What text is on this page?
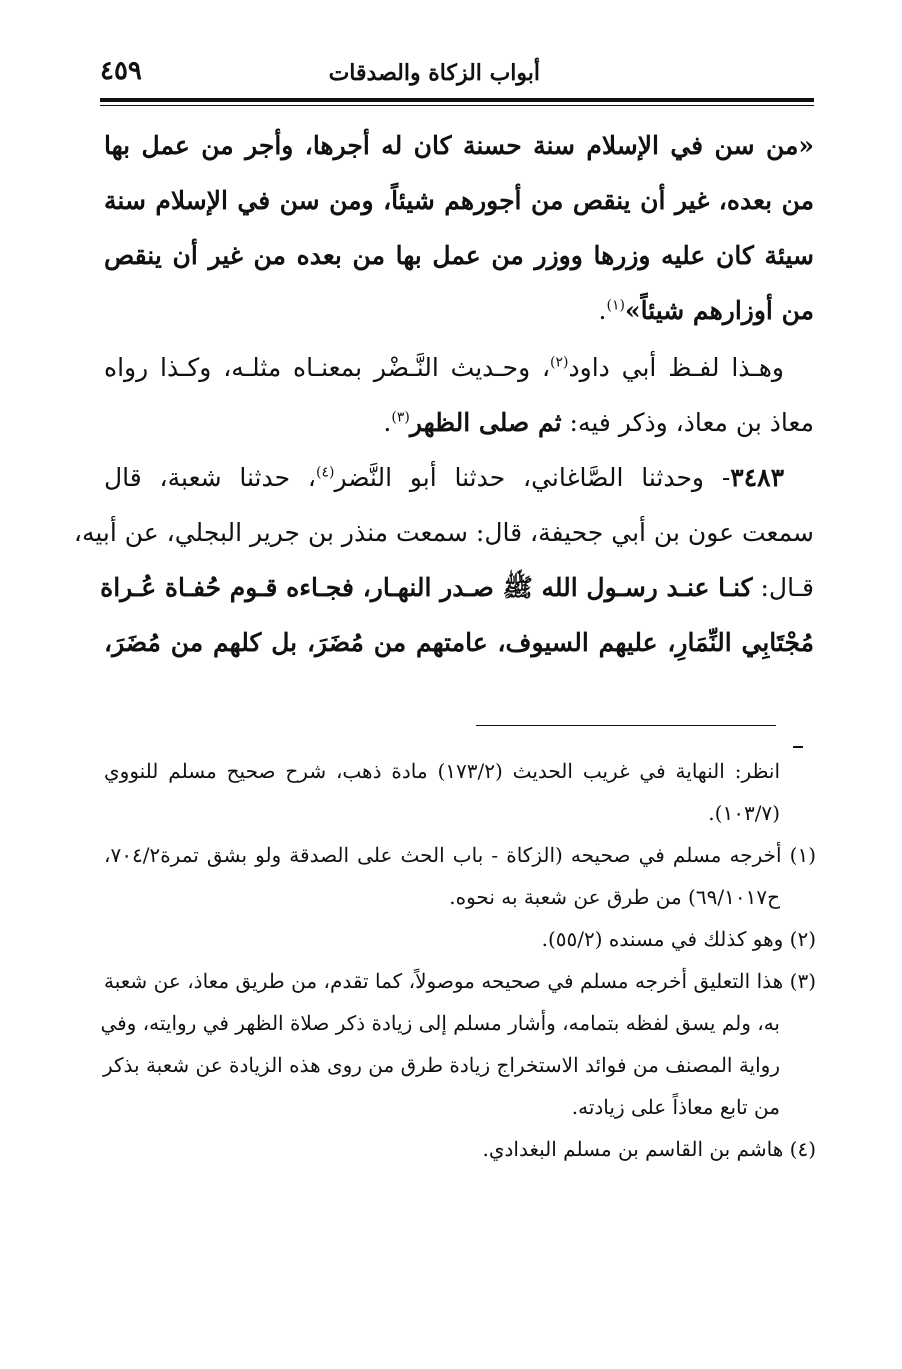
أبواب الزكاة والصدقات
٤٥٩
«من سن في الإسلام سنة حسنة كان له أجرها، وأجر من عمل بها
من بعده، غير أن ينقص من أجورهم شيئاً، ومن سن في الإسلام سنة
سيئة كان عليه وزرها ووزر من عمل بها من بعده من غير أن ينقص
من أوزارهم شيئاً»$^{(١)}$.
وهـذا لفـظ أبي داود$^{(٢)}$، وحـديث النَّـضْر بمعنـاه مثلـه، وكـذا رواه
معاذ بن معاذ، وذكر فيه: ثم صلى الظهر$^{(٣)}$.
٣٤٨٣- وحدثنا الصَّاغاني، حدثنا أبو النَّضر$^{(٤)}$، حدثنا شعبة، قال
سمعت عون بن أبي جحيفة، قال: سمعت منذر بن جرير البجلي، عن أبيه،
قـال: كنـا عنـد رسـول الله ﷺ صـدر النهـار، فجـاءه قـوم حُفـاة عُـراة
مُجْتَابِي النِّمَارِ، عليهم السيوف، عامتهم من مُضَرَ، بل كلهم من مُضَرَ،
انظر: النهاية في غريب الحديث (١٧٣/٢) مادة ذهب، شرح صحيح مسلم للنووي
(١٠٣/٧).
(١) أخرجه مسلم في صحيحه (الزكاة - باب الحث على الصدقة ولو بشق تمرة٧٠٤/٢،
ح٦٩/١٠١٧) من طرق عن شعبة به نحوه.
(٢) وهو كذلك في مسنده (٥٥/٢).
(٣) هذا التعليق أخرجه مسلم في صحيحه موصولاً، كما تقدم، من طريق معاذ، عن شعبة
به، ولم يسق لفظه بتمامه، وأشار مسلم إلى زيادة ذكر صلاة الظهر في روايته، وفي
رواية المصنف من فوائد الاستخراج زيادة طرق من روى هذه الزيادة عن شعبة بذكر
من تابع معاذاً على زيادته.
(٤) هاشم بن القاسم بن مسلم البغدادي.
